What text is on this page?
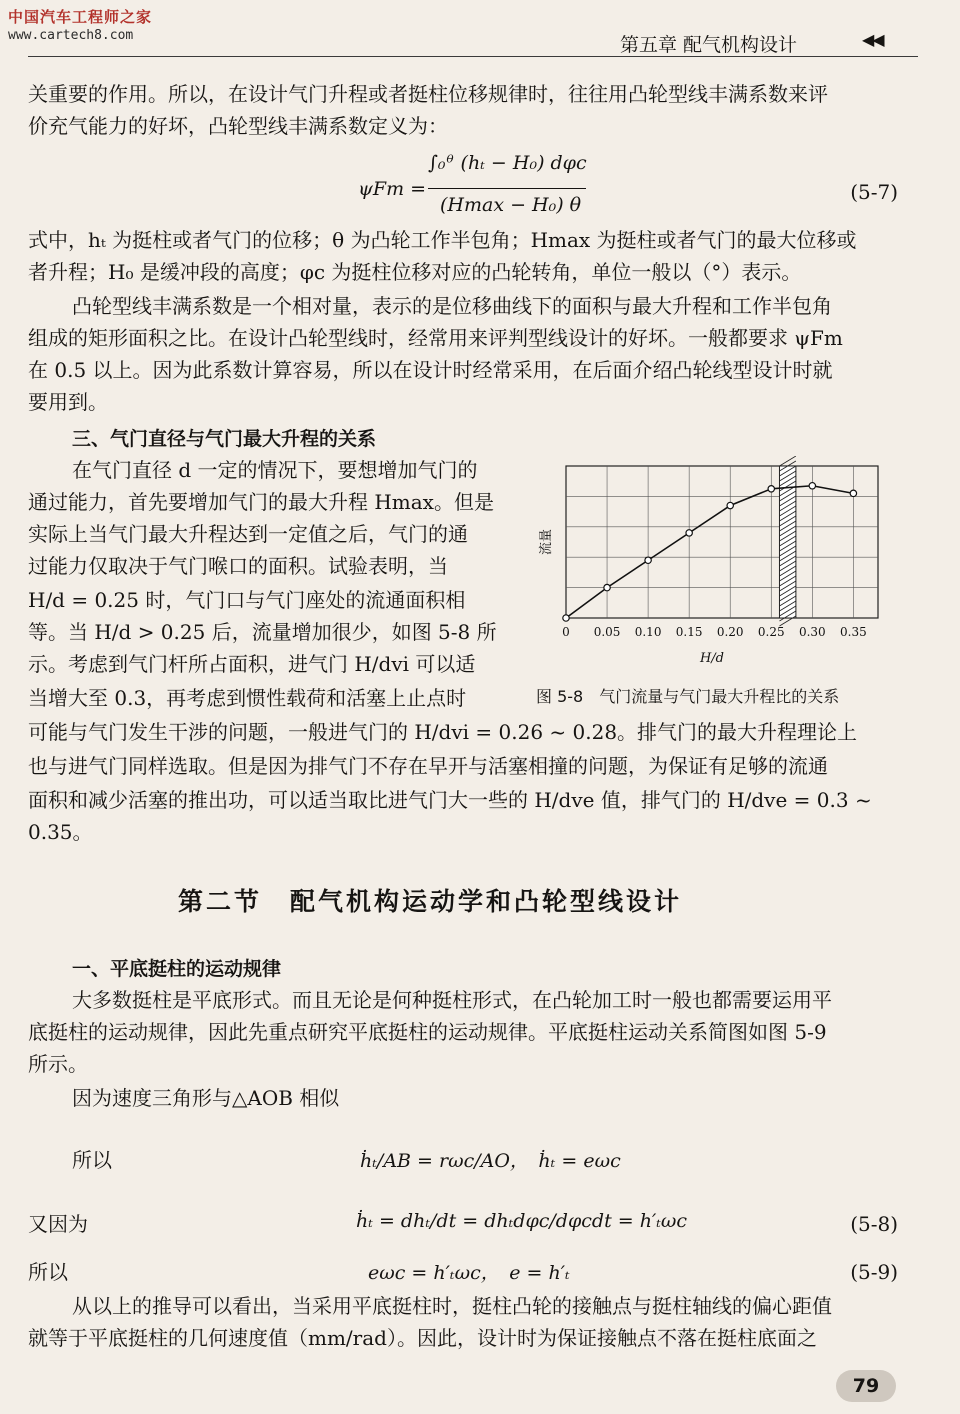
中国汽车工程师之家
www.cartech8.com	第五章 配气机构设计	◀◀
关重要的作用。所以，在设计气门升程或者挺柱位移规律时，往往用凸轮型线丰满系数来评
价充气能力的好坏，凸轮型线丰满系数定义为：
ψFm =
∫₀ᶿ (hₜ − H₀) dφc
(Hmax − H₀) θ
(5-7)
式中，hₜ 为挺柱或者气门的位移；θ 为凸轮工作半包角；Hmax 为挺柱或者气门的最大位移或
者升程；H₀ 是缓冲段的高度；φc 为挺柱位移对应的凸轮转角，单位一般以（°）表示。
凸轮型线丰满系数是一个相对量，表示的是位移曲线下的面积与最大升程和工作半包角
组成的矩形面积之比。在设计凸轮型线时，经常用来评判型线设计的好坏。一般都要求 ψFm
在 0.5 以上。因为此系数计算容易，所以在设计时经常采用，在后面介绍凸轮线型设计时就
要用到。
三、气门直径与气门最大升程的关系
在气门直径 d 一定的情况下，要想增加气门的
通过能力，首先要增加气门的最大升程 Hmax。但是
实际上当气门最大升程达到一定值之后，气门的通
过能力仅取决于气门喉口的面积。试验表明，当
H/d = 0.25 时，气门口与气门座处的流通面积相
等。当 H/d > 0.25 后，流量增加很少，如图 5-8 所
示。考虑到气门杆所占面积，进气门 H/dvi 可以适
当增大至 0.3，再考虑到惯性载荷和活塞上止点时
可能与气门发生干涉的问题，一般进气门的 H/dvi = 0.26 ~ 0.28。排气门的最大升程理论上
也与进气门同样选取。但是因为排气门不存在早开与活塞相撞的问题，为保证有足够的流通
面积和减少活塞的推出功，可以适当取比进气门大一些的 H/dve 值，排气门的 H/dve = 0.3 ~
0.35。
0 0.05 0.10 0.15 0.20 0.25 0.30 0.35
H/d
流量
图 5-8　气门流量与气门最大升程比的关系
第二节　配气机构运动学和凸轮型线设计
一、平底挺柱的运动规律
大多数挺柱是平底形式。而且无论是何种挺柱形式，在凸轮加工时一般也都需要运用平
底挺柱的运动规律，因此先重点研究平底挺柱的运动规律。平底挺柱运动关系简图如图 5-9
所示。
因为速度三角形与△AOB 相似
所以	ḣₜ/AB = rωc/AO，　ḣₜ = eωc
又因为	ḣₜ = dhₜ/dt = dhₜdφc/dφcdt = h′ₜωc	(5-8)
所以	eωc = h′ₜωc，　e = h′ₜ	(5-9)
从以上的推导可以看出，当采用平底挺柱时，挺柱凸轮的接触点与挺柱轴线的偏心距值
就等于平底挺柱的几何速度值（mm/rad）。因此，设计时为保证接触点不落在挺柱底面之
79
